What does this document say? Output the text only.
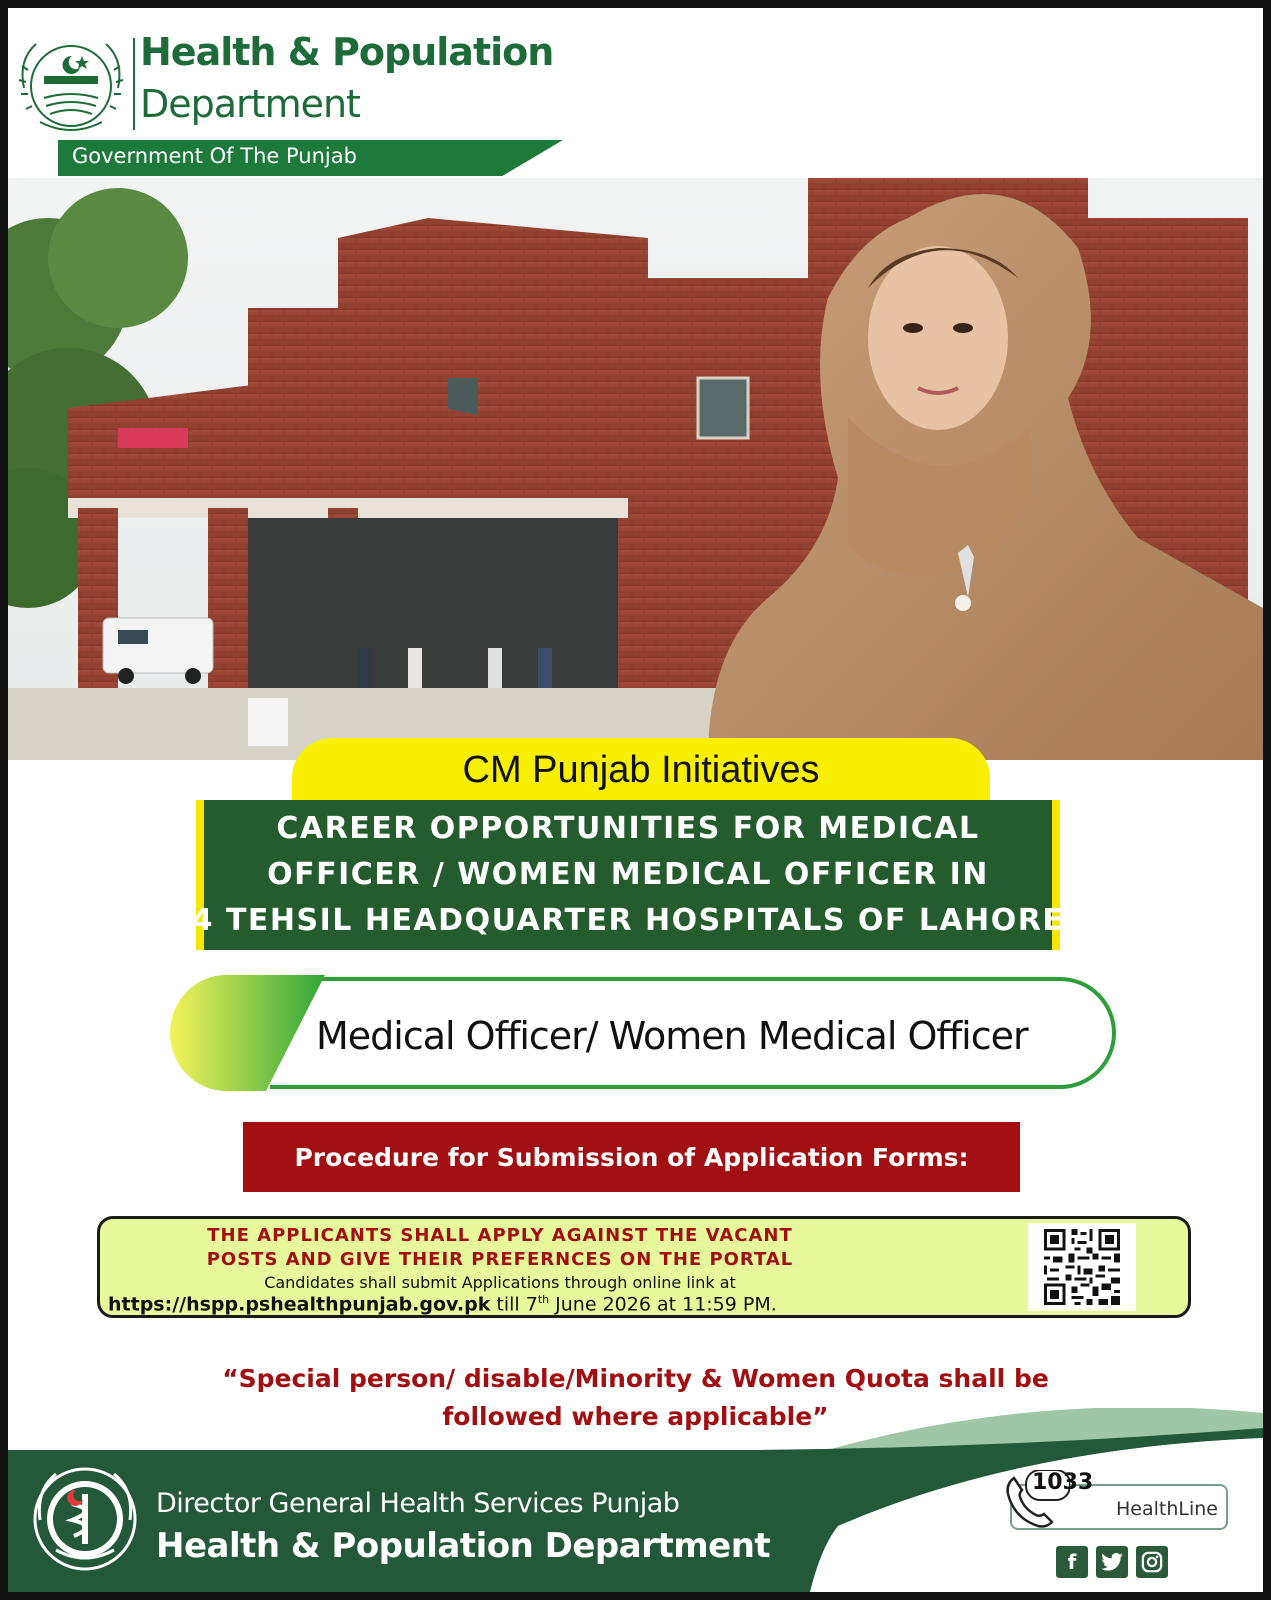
Health & Population
Department
Government Of The Punjab
CM Punjab Initiatives
CAREER OPPORTUNITIES FOR MEDICAL
OFFICER / WOMEN MEDICAL OFFICER IN
4 TEHSIL HEADQUARTER HOSPITALS OF LAHORE
Medical Officer/ Women Medical Officer
Procedure for Submission of Application Forms:
THE APPLICANTS SHALL APPLY AGAINST THE VACANT
POSTS AND GIVE THEIR PREFERNCES ON THE PORTAL
Candidates shall submit Applications through online link at
https://hspp.pshealthpunjab.gov.pk till 7th June 2026 at 11:59 PM.
“Special person/ disable/Minority & Women Quota shall be
followed where applicable”
Director General Health Services Punjab
Health & Population Department
1033
HealthLine
f
